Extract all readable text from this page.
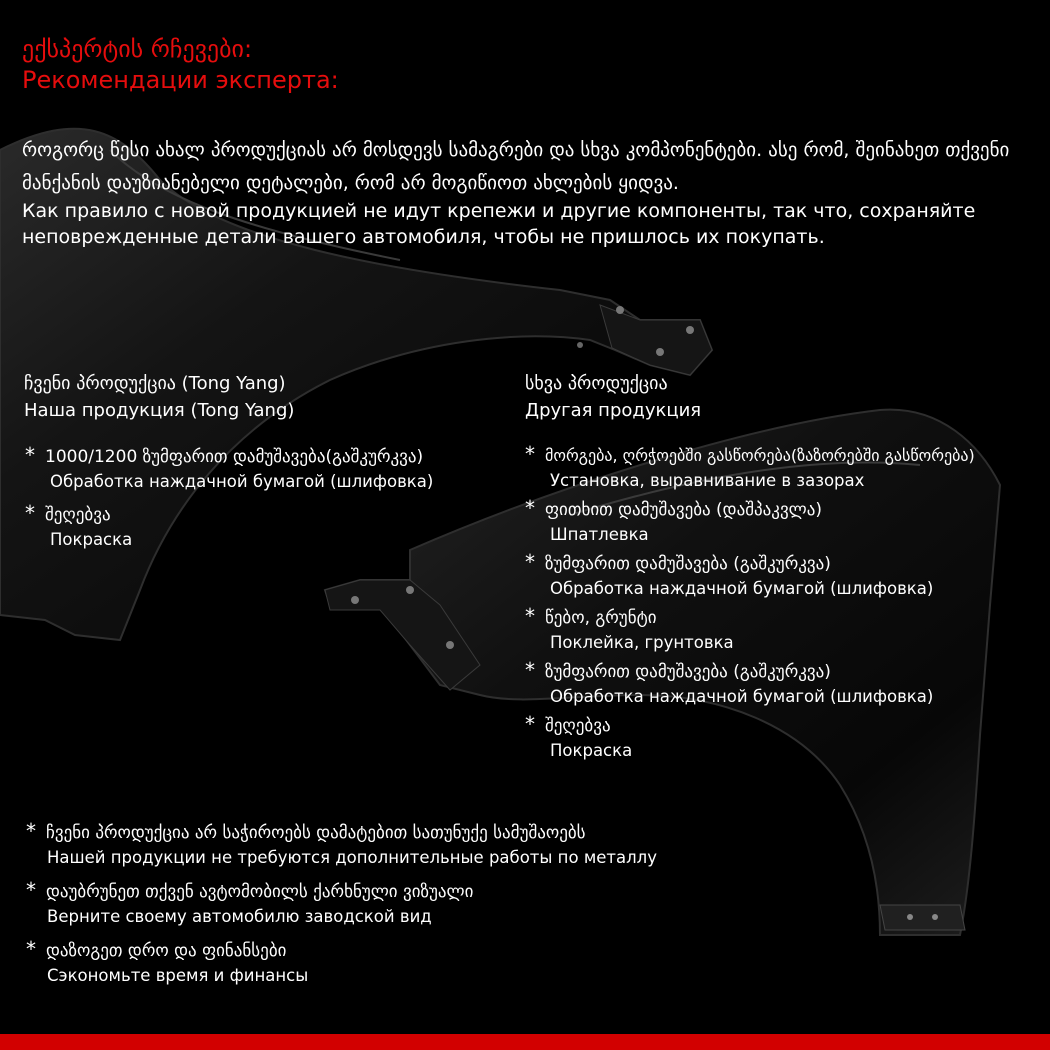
ექსპერტის რჩევები:
Рекомендации эксперта:
როგორც წესი ახალ პროდუქციას არ მოსდევს სამაგრები და სხვა კომპონენტები. ასე რომ, შეინახეთ თქვენი მანქანის დაუზიანებელი დეტალები, რომ არ მოგიწიოთ ახლების ყიდვა.
Как правило с новой продукцией не идут крепежи и другие компоненты, так что, сохраняйте неповрежденные детали вашего автомобиля, чтобы не пришлось их покупать.
ჩვენი პროდუქცია (Tong Yang)
Наша продукция (Tong Yang)
* 1000/1200 ზუმფარით დამუშავება(გაშკურკვა)
Обработка наждачной бумагой (шлифовка)
* შეღებვა
Покраска
სხვა პროდუქცია
Другая продукция
* მორგება, ღრჭოებში გასწორება(ზაზორებში გასწორება)
Установка, выравнивание в зазорах
* ფითხით დამუშავება (დაშპაკვლა)
Шпатлевка
* ზუმფარით დამუშავება (გაშკურკვა)
Обработка наждачной бумагой (шлифовка)
* წებო, გრუნტი
Поклейка, грунтовка
* ზუმფარით დამუშავება (გაშკურკვა)
Обработка наждачной бумагой (шлифовка)
* შეღებვა
Покраска
* ჩვენი პროდუქცია არ საჭიროებს დამატებით სათუნუქე სამუშაოებს
Нашей продукции не требуются дополнительные работы по металлу
* დაუბრუნეთ თქვენ ავტომობილს ქარხნული ვიზუალი
Верните своему автомобилю заводской вид
* დაზოგეთ დრო და ფინანსები
Сэкономьте время и финансы
